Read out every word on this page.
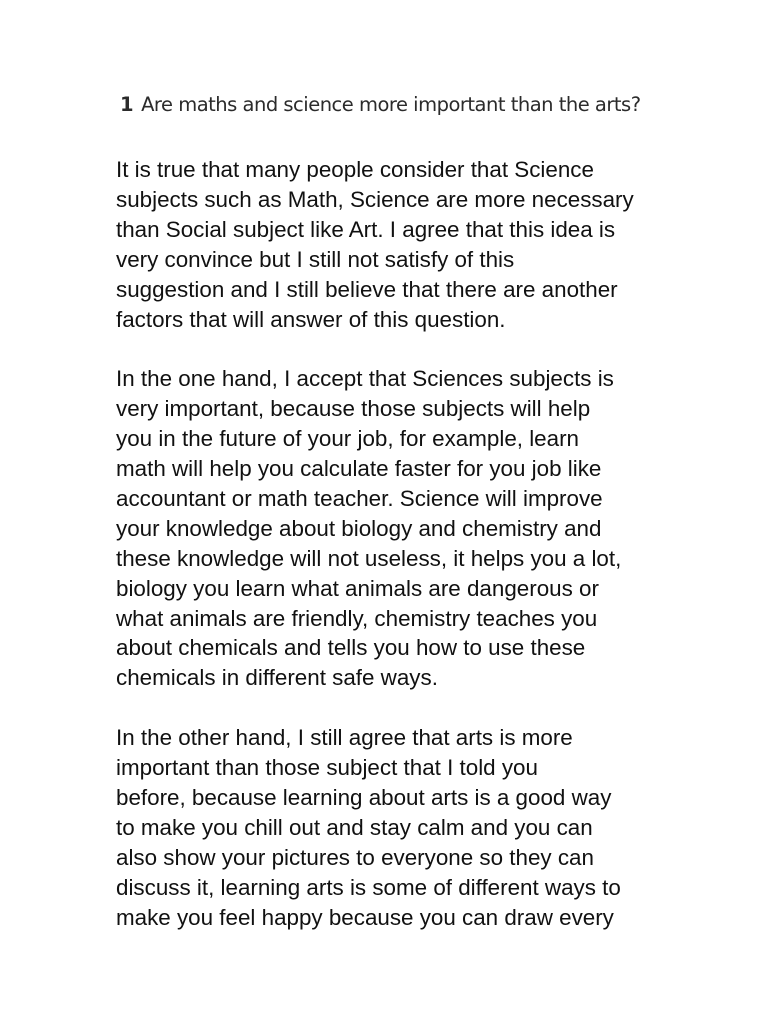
1 Are maths and science more important than the arts?

It is true that many people consider that Science
subjects such as Math, Science are more necessary
than Social subject like Art. I agree that this idea is
very convince but I still not satisfy of this
suggestion and I still believe that there are another
factors that will answer of this question.

In the one hand, I accept that Sciences subjects is
very important, because those subjects will help
you in the future of your job, for example, learn
math will help you calculate faster for you job like
accountant or math teacher. Science will improve
your knowledge about biology and chemistry and
these knowledge will not useless, it helps you a lot,
biology you learn what animals are dangerous or
what animals are friendly, chemistry teaches you
about chemicals and tells you how to use these
chemicals in different safe ways.

In the other hand, I still agree that arts is more
important than those subject that I told you
before, because learning about arts is a good way
to make you chill out and stay calm and you can
also show your pictures to everyone so they can
discuss it, learning arts is some of different ways to
make you feel happy because you can draw every
